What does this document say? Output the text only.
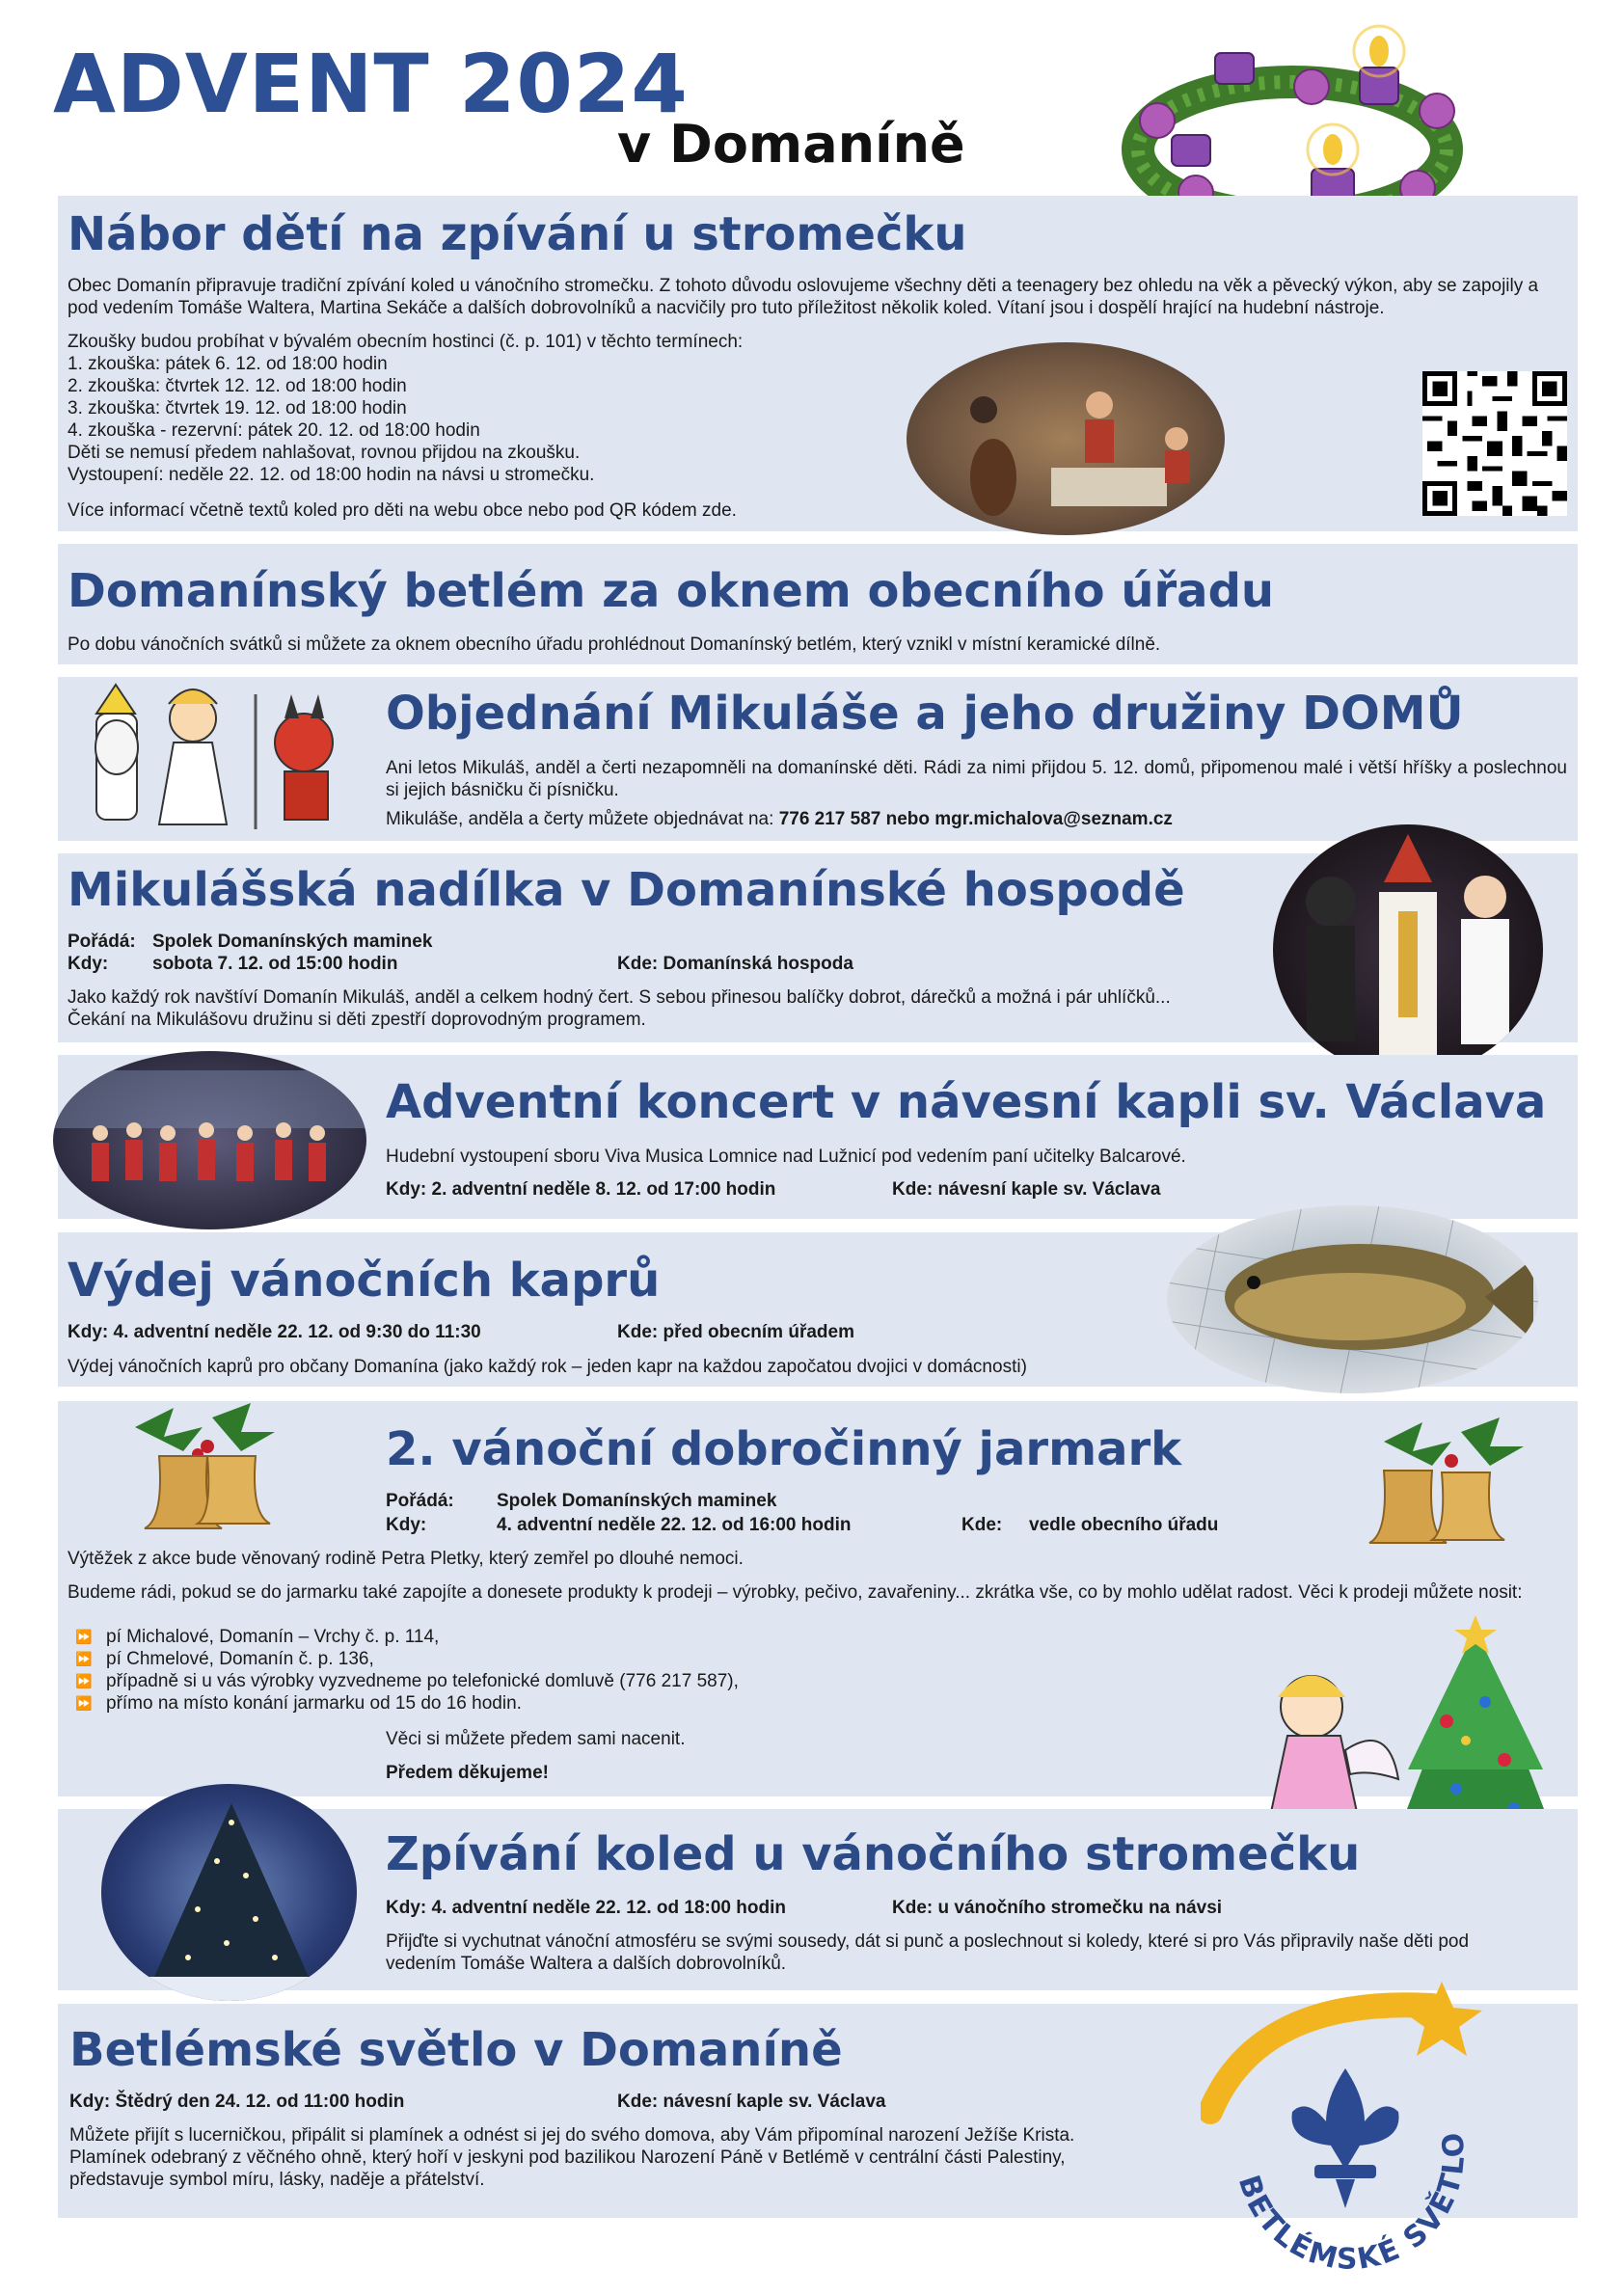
ADVENT 2024
v Domaníně
Nábor dětí na zpívání u stromečku
Obec Domanín připravuje tradiční zpívání koled u vánočního stromečku. Z tohoto důvodu oslovujeme všechny děti a teenagery bez ohledu na věk a pěvecký výkon, aby se zapojily a pod vedením Tomáše Waltera, Martina Sekáče a dalších dobrovolníků a nacvičily pro tuto příležitost několik koled. Vítaní jsou i dospělí hrající na hudební nástroje.
Zkoušky budou probíhat v bývalém obecním hostinci (č. p. 101) v těchto termínech:
1. zkouška: pátek 6. 12. od 18:00 hodin
2. zkouška: čtvrtek 12. 12. od 18:00 hodin
3. zkouška: čtvrtek 19. 12. od 18:00 hodin
4. zkouška - rezervní: pátek 20. 12. od 18:00 hodin
Děti se nemusí předem nahlašovat, rovnou přijdou na zkoušku.
Vystoupení: neděle 22. 12. od 18:00 hodin na návsi u stromečku.
Více informací včetně textů koled pro děti na webu obce nebo pod QR kódem zde.
Domanínský betlém za oknem obecního úřadu
Po dobu vánočních svátků si můžete za oknem obecního úřadu prohlédnout Domanínský betlém, který vznikl v místní keramické dílně.
Objednání Mikuláše a jeho družiny DOMŮ
Ani letos Mikuláš, anděl a čerti nezapomněli na domanínské děti. Rádi za nimi přijdou 5. 12. domů, připomenou malé i větší hříšky a poslechnou si jejich básničku či písničku.
Mikuláše, anděla a čerty můžete objednávat na: 776 217 587 nebo mgr.michalova@seznam.cz
Mikulášská nadílka v Domanínské hospodě
Pořádá: Spolek Domanínských maminek
Kdy: sobota 7. 12. od 15:00 hodin	Kde: Domanínská hospoda
Jako každý rok navštíví Domanín Mikuláš, anděl a celkem hodný čert. S sebou přinesou balíčky dobrot, dárečků a možná i pár uhlíčků...
Čekání na Mikulášovu družinu si děti zpestří doprovodným programem.
Adventní koncert v návesní kapli sv. Václava
Hudební vystoupení sboru Viva Musica Lomnice nad Lužnicí pod vedením paní učitelky Balcarové.
Kdy: 2. adventní neděle 8. 12. od 17:00 hodin	Kde: návesní kaple sv. Václava
Výdej vánočních kaprů
Kdy: 4. adventní neděle 22. 12. od 9:30 do 11:30	Kde: před obecním úřadem
Výdej vánočních kaprů pro občany Domanína (jako každý rok – jeden kapr na každou započatou dvojici v domácnosti)
2. vánoční dobročinný jarmark
Pořádá: Spolek Domanínských maminek
Kdy:	4. adventní neděle 22. 12. od 16:00 hodin	Kde: vedle obecního úřadu
Výtěžek z akce bude věnovaný rodině Petra Pletky, který zemřel po dlouhé nemoci.
Budeme rádi, pokud se do jarmarku také zapojíte a donesete produkty k prodeji – výrobky, pečivo, zavařeniny... zkrátka vše, co by mohlo udělat radost. Věci k prodeji můžete nosit:
⏩ pí Michalové, Domanín – Vrchy č. p. 114,
⏩ pí Chmelové, Domanín č. p. 136,
⏩ případně si u vás výrobky vyzvedneme po telefonické domluvě (776 217 587),
⏩ přímo na místo konání jarmarku od 15 do 16 hodin.
Věci si můžete předem sami nacenit.
Předem děkujeme!
Zpívání koled u vánočního stromečku
Kdy: 4. adventní neděle 22. 12. od 18:00 hodin	Kde: u vánočního stromečku na návsi
Přijďte si vychutnat vánoční atmosféru se svými sousedy, dát si punč a poslechnout si koledy, které si pro Vás připravily naše děti pod vedením Tomáše Waltera a dalších dobrovolníků.
Betlémské světlo v Domaníně
Kdy: Štědrý den 24. 12. od 11:00 hodin	Kde: návesní kaple sv. Václava
Můžete přijít s lucerničkou, připálit si plamínek a odnést si jej do svého domova, aby Vám připomínal narození Ježíše Krista. Plamínek odebraný z věčného ohně, který hoří v jeskyni pod bazilikou Narození Páně v Betlémě v centrální části Palestiny, představuje symbol míru, lásky, naděje a přátelství.	BETLÉMSKÉ SVĚTLO
